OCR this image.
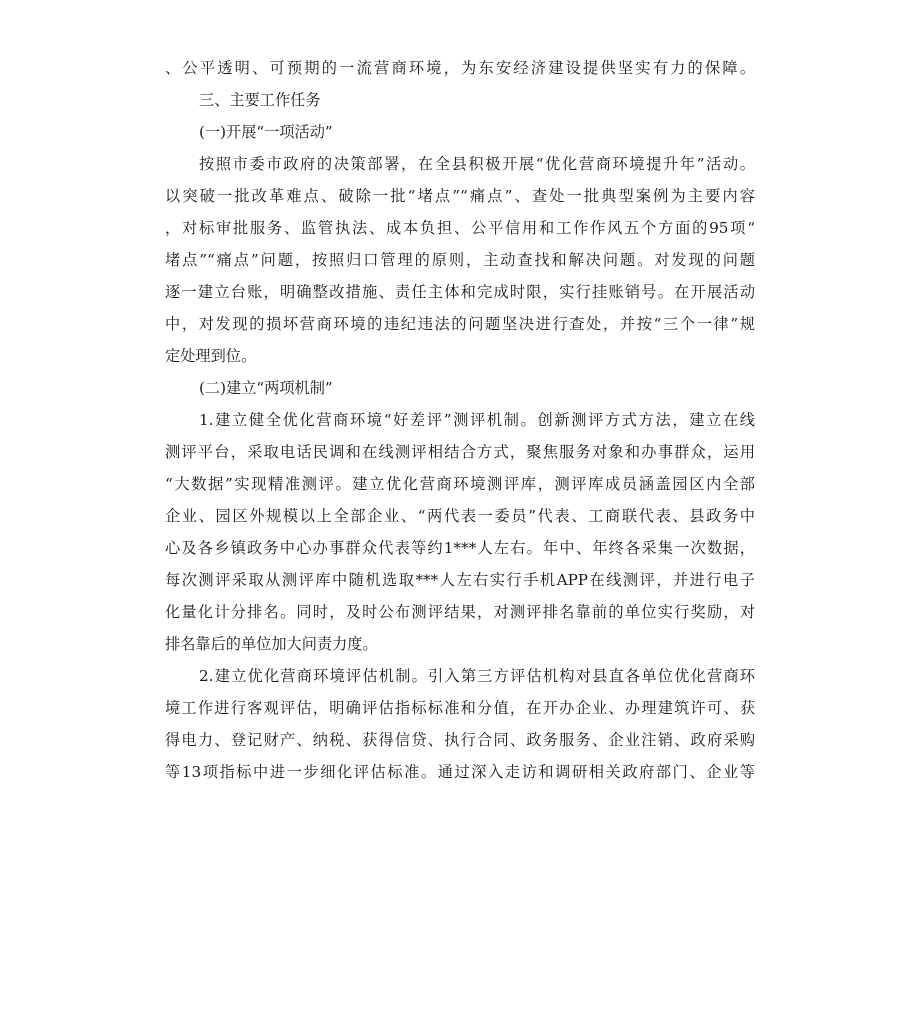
、公平透明、可预期的一流营商环境，为东安经济建设提供坚实有力的保障。
三、主要工作任务
(一)开展“一项活动”
按照市委市政府的决策部署，在全县积极开展“优化营商环境提升年”活动。
以突破一批改革难点、破除一批“堵点”“痛点”、查处一批典型案例为主要内容
，对标审批服务、监管执法、成本负担、公平信用和工作作风五个方面的95项“
堵点”“痛点”问题，按照归口管理的原则，主动查找和解决问题。对发现的问题
逐一建立台账，明确整改措施、责任主体和完成时限，实行挂账销号。在开展活动
中，对发现的损坏营商环境的违纪违法的问题坚决进行查处，并按“三个一律”规
定处理到位。
(二)建立“两项机制”
1.建立健全优化营商环境“好差评”测评机制。创新测评方式方法，建立在线
测评平台，采取电话民调和在线测评相结合方式，聚焦服务对象和办事群众，运用
“大数据”实现精准测评。建立优化营商环境测评库，测评库成员涵盖园区内全部
企业、园区外规模以上全部企业、“两代表一委员”代表、工商联代表、县政务中
心及各乡镇政务中心办事群众代表等约1***人左右。年中、年终各采集一次数据，
每次测评采取从测评库中随机选取***人左右实行手机APP在线测评，并进行电子
化量化计分排名。同时，及时公布测评结果，对测评排名靠前的单位实行奖励，对
排名靠后的单位加大问责力度。
2.建立优化营商环境评估机制。引入第三方评估机构对县直各单位优化营商环
境工作进行客观评估，明确评估指标标准和分值，在开办企业、办理建筑许可、获
得电力、登记财产、纳税、获得信贷、执行合同、政务服务、企业注销、政府采购
等13项指标中进一步细化评估标准。通过深入走访和调研相关政府部门、企业等
